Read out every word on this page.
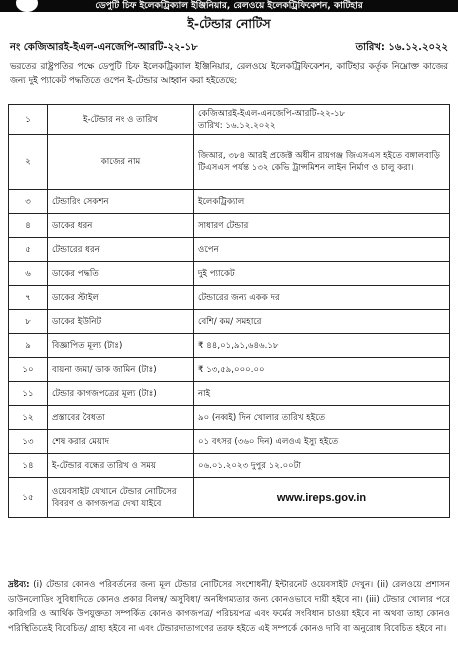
ডেপুটি চিফ ইলেকট্রিক্যাল ইঞ্জিনিয়ার, রেলওয়ে ইলেকট্রিফিকেশন, কাটিহার
ই-টেন্ডার নোটিস
নং কেজিআরই-ইএল-এনজেপি-আরটি-২২-১৮	তারিখ: ১৬.১২.২০২২
ভরতের রাষ্ট্রপতির পক্ষে ডেপুটি চিফ ইলেকট্রিক্যাল ইঞ্জিনিয়ার, রেলওয়ে ইলেকট্রিফিকেশন, কাটিহার কর্তৃক নিম্নোক্ত কাজের জন্য দুই প্যাকেট পদ্ধতিতে ওপেন ই-টেন্ডার আহ্বান করা হইতেছে:
১	ই-টেন্ডার নং ও তারিখ	কেজিআরই-ইএল-এনজেপি-আরটি-২২-১৮
তারিখ: ১৬.১২.২০২২
২	কাজের নাম	জিআর, ৩৮৪ আরই প্রজেক্ট অধীন রায়গঞ্জ জিএসএস হইতে বঙ্গালবাড়ি টিএসএস পর্যন্ত ১৩২ কেভি ট্রান্সমিশন লাইন নির্মাণ ও চালু করা।
৩	টেন্ডারিং সেকশন	ইলেকট্রিক্যাল
৪	ডাকের ধরন	সাধারণ টেন্ডার
৫	টেন্ডারের ধরন	ওপেন
৬	ডাকের পদ্ধতি	দুই প্যাকেট
৭	ডাকের স্টাইল	টেন্ডারের জন্য একক দর
৮	ডাকের ইউনিট	বেশি/ কম/ সমহারে
৯	বিজ্ঞাপিত মূল্য (টাঃ)	₹ ৪৪,০১,৯১,৬৪৬.১৮
১০	বায়না জমা/ ডাক জামিন (টাঃ)	₹ ১৩,৫৯,০০০.০০
১১	টেন্ডার কাগজপত্রের মূল্য (টাঃ)	নাই
১২	প্রস্তাবের বৈধতা	৯০ (নব্বই) দিন খোলার তারিখ হইতে
১৩	শেষ করার মেয়াদ	০১ বৎসর (৩৬০ দিন) এলওএ ইস্যু হইতে
১৪	ই-টেন্ডার বন্ধের তারিখ ও সময়	০৬.০১.২০২৩ দুপুর ১২.০০টা
১৫	ওয়েবসাইট যেখানে টেন্ডার নোটিসের বিবরণ ও কাগজপত্র দেখা যাইবে	www.ireps.gov.in
দ্রষ্টব্য: (i) টেন্ডার কোনও পরিবর্তনের জন্য মূল টেন্ডার নোটিসের সংশোধনী/ ইন্টারনেট ওয়েবসাইট দেখুন। (ii) রেলওয়ে প্রশাসন ডাউনলোডিং সুবিধাদিতে কোনও প্রকার বিলম্ব/ অসুবিধা/ অনধিগম্যতার জন্য কোনওভাবে দায়ী হইবে না। (iii) টেন্ডার খোলার পরে কারিগরি ও আর্থিক উপযুক্ততা সম্পর্কিত কোনও কাগজপত্র/ পরিচয়পত্র এবং ফর্মের সংবিধান চাওয়া হইবে না অথবা তাহা কোনও পরিস্থিতিতেই বিবেচিত/ গ্রাহ্য হইবে না এবং টেন্ডারদাতাগণের তরফ হইতে এই সম্পর্কে কোনও দাবি বা অনুরোধ বিবেচিত হইবে না।
